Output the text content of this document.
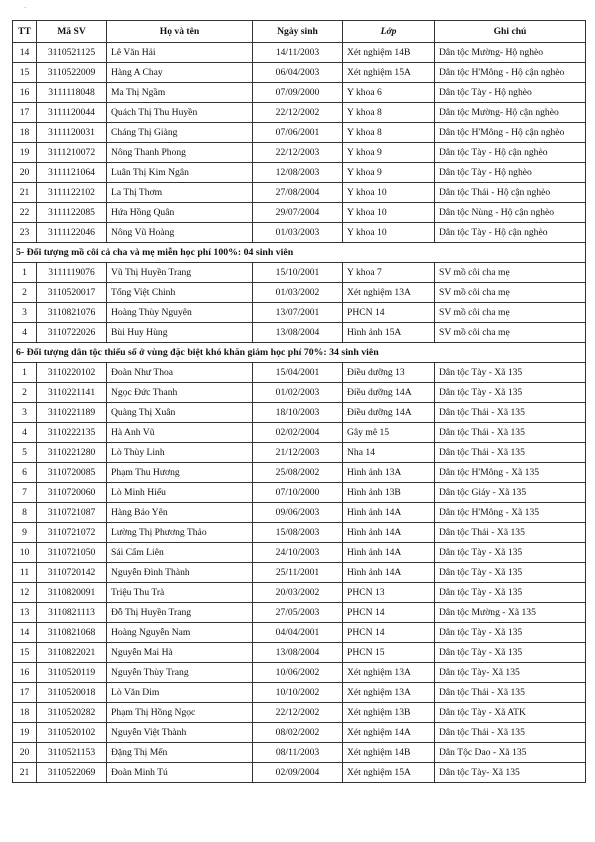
·
TT	Mã SV	Họ và tên	Ngày sinh	Lớp	Ghi chú
14	3110521125	Lê Văn Hải	14/11/2003	Xét nghiệm 14B	Dân tộc Mường- Hộ nghèo
15	3110522009	Hàng A Chay	06/04/2003	Xét nghiệm 15A	Dân tộc H'Mông - Hộ cận nghèo
16	3111118048	Ma Thị Ngầm	07/09/2000	Y khoa 6	Dân tộc Tày - Hộ nghèo
17	3111120044	Quách Thị Thu Huyền	22/12/2002	Y khoa 8	Dân tộc Mường- Hộ cận nghèo
18	3111120031	Cháng Thị Giàng	07/06/2001	Y khoa 8	Dân tộc H'Mông - Hộ cận nghèo
19	3111210072	Nông Thanh Phong	22/12/2003	Y khoa 9	Dân tộc Tày - Hộ cận nghèo
20	3111121064	Luân Thị Kim Ngân	12/08/2003	Y khoa 9	Dân tộc Tày - Hộ nghèo
21	3111122102	La Thị Thơm	27/08/2004	Y khoa 10	Dân tộc Thái - Hộ cận nghèo
22	3111122085	Hứa Hồng Quân	29/07/2004	Y khoa 10	Dân tộc Nùng - Hộ cận nghèo
23	3111122046	Nông Vũ Hoàng	01/03/2003	Y khoa 10	Dân tộc Tày - Hộ cận nghèo
5- Đối tượng mồ côi cả cha và mẹ miễn học phí 100%: 04 sinh viên					
1	3111119076	Vũ Thị Huyền Trang	15/10/2001	Y khoa 7	SV mồ côi cha mẹ
2	3110520017	Tống Việt Chinh	01/03/2002	Xét nghiệm 13A	SV mồ côi cha mẹ
3	3110821076	Hoàng Thùy Nguyên	13/07/2001	PHCN 14	SV mồ côi cha mẹ
4	3110722026	Bùi Huy Hùng	13/08/2004	Hình ảnh 15A	SV mồ côi cha mẹ
6- Đối tượng dân tộc thiểu số ở vùng đặc biệt khó khăn giảm học phí 70%: 34 sinh viên					
1	3110220102	Đoàn Như Thoa	15/04/2001	Điều dưỡng 13	Dân tộc Tày - Xã 135
2	3110221141	Ngọc Đức Thanh	01/02/2003	Điều dưỡng 14A	Dân tộc Tày - Xã 135
3	3110221189	Quàng Thị Xuân	18/10/2003	Điều dưỡng 14A	Dân tộc Thái - Xã 135
4	3110222135	Hà Anh Vũ	02/02/2004	Gây mê 15	Dân tộc Thái - Xã 135
5	3110221280	Lò Thùy Linh	21/12/2003	Nha 14	Dân tộc Thái - Xã 135
6	3110720085	Phạm Thu Hương	25/08/2002	Hình ảnh 13A	Dân tộc H'Mông - Xã 135
7	3110720060	Lò Minh Hiếu	07/10/2000	Hình ảnh 13B	Dân tộc Giáy - Xã 135
8	3110721087	Hàng Bảo Yên	09/06/2003	Hình ảnh 14A	Dân tộc H'Mông - Xã 135
9	3110721072	Lường Thị Phương Thảo	15/08/2003	Hình ảnh 14A	Dân tộc Thái - Xã 135
10	3110721050	Sái Cẩm Liên	24/10/2003	Hình ảnh 14A	Dân tộc Tày - Xã 135
11	3110720142	Nguyễn Đình Thành	25/11/2001	Hình ảnh 14A	Dân tộc Tày - Xã 135
12	3110820091	Triệu Thu Trà	20/03/2002	PHCN 13	Dân tộc Tày - Xã 135
13	3110821113	Đỗ Thị Huyền Trang	27/05/2003	PHCN 14	Dân tộc Mường - Xã 135
14	3110821068	Hoàng Nguyễn Nam	04/04/2001	PHCN 14	Dân tộc Tày - Xã 135
15	3110822021	Nguyễn Mai Hà	13/08/2004	PHCN 15	Dân tộc Tày - Xã 135
16	3110520119	Nguyễn Thùy Trang	10/06/2002	Xét nghiệm 13A	Dân tộc Tày- Xã 135
17	3110520018	Lò Văn Dim	10/10/2002	Xét nghiệm 13A	Dân tộc Thái - Xã 135
18	3110520282	Phạm Thị Hồng Ngọc	22/12/2002	Xét nghiệm 13B	Dân tộc Tày - Xã ATK
19	3110520102	Nguyễn Việt Thành	08/02/2002	Xét nghiệm 14A	Dân tộc Thái - Xã 135
20	3110521153	Đặng Thị Mến	08/11/2003	Xét nghiệm 14B	Dân Tộc Dao - Xã 135
21	3110522069	Đoàn Minh Tú	02/09/2004	Xét nghiệm 15A	Dân tộc Tày- Xã 135
